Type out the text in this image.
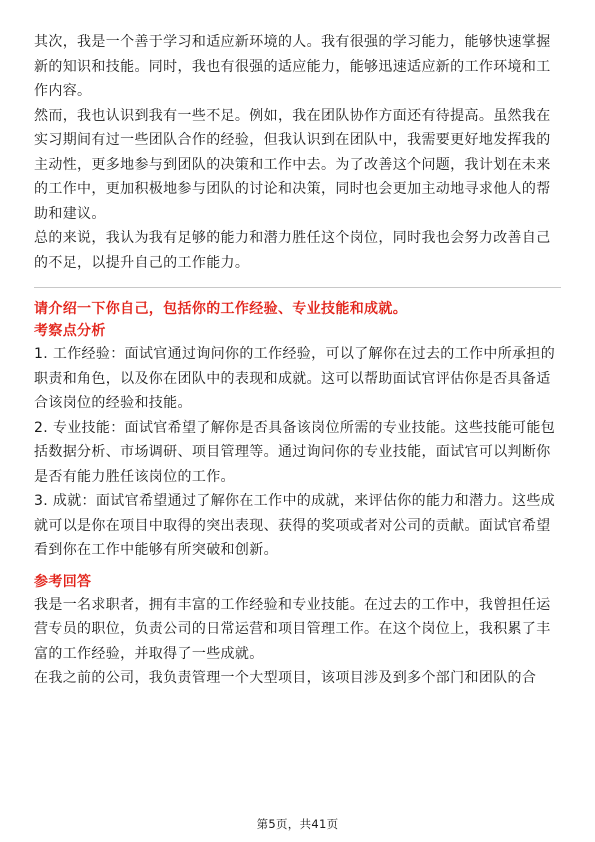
其次，我是一个善于学习和适应新环境的人。我有很强的学习能力，能够快速掌握
新的知识和技能。同时，我也有很强的适应能力，能够迅速适应新的工作环境和工
作内容。
然而，我也认识到我有一些不足。例如，我在团队协作方面还有待提高。虽然我在
实习期间有过一些团队合作的经验，但我认识到在团队中，我需要更好地发挥我的
主动性，更多地参与到团队的决策和工作中去。为了改善这个问题，我计划在未来
的工作中，更加积极地参与团队的讨论和决策，同时也会更加主动地寻求他人的帮
助和建议。
总的来说，我认为我有足够的能力和潜力胜任这个岗位，同时我也会努力改善自己
的不足，以提升自己的工作能力。
请介绍一下你自己，包括你的工作经验、专业技能和成就。
考察点分析
1. 工作经验：面试官通过询问你的工作经验，可以了解你在过去的工作中所承担的
职责和角色，以及你在团队中的表现和成就。这可以帮助面试官评估你是否具备适
合该岗位的经验和技能。
2. 专业技能：面试官希望了解你是否具备该岗位所需的专业技能。这些技能可能包
括数据分析、市场调研、项目管理等。通过询问你的专业技能，面试官可以判断你
是否有能力胜任该岗位的工作。
3. 成就：面试官希望通过了解你在工作中的成就，来评估你的能力和潜力。这些成
就可以是你在项目中取得的突出表现、获得的奖项或者对公司的贡献。面试官希望
看到你在工作中能够有所突破和创新。
参考回答
我是一名求职者，拥有丰富的工作经验和专业技能。在过去的工作中，我曾担任运
营专员的职位，负责公司的日常运营和项目管理工作。在这个岗位上，我积累了丰
富的工作经验，并取得了一些成就。
在我之前的公司，我负责管理一个大型项目，该项目涉及到多个部门和团队的合
第5页，共41页
